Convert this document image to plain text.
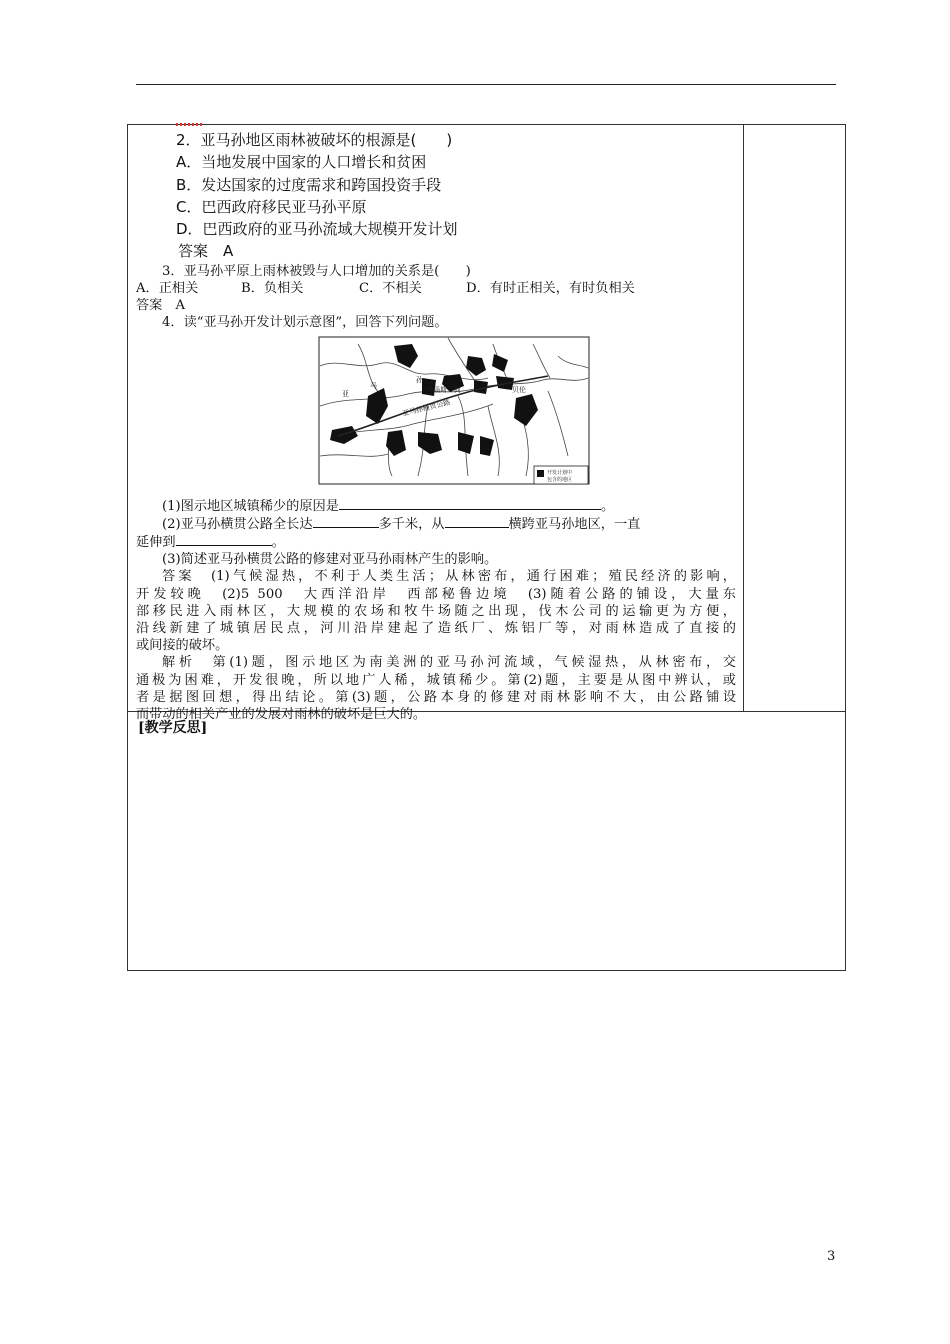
2．亚马孙地区雨林被破坏的根源是(　　)
A．当地发展中国家的人口增长和贫困
B．发达国家的过度需求和跨国投资手段
C．巴西政府移民亚马孙平原
D．巴西政府的亚马孙流域大规模开发计划
答案　A

3．亚马孙平原上雨林被毁与人口增加的关系是(　　)

A．正相关	B．负相关	C．不相关	D．有时正相关，有时负相关

答案　A

4．读“亚马孙开发计划示意图”，回答下列问题。

马
孙
马瑙斯　河	贝伦
亚
亚马孙横贯公路
开发计划中
包含的地区

(1)图示地区城镇稀少的原因是	。

(2)亚马孙横贯公路全长达	多千米，从	横跨亚马孙地区，一直

延伸到	。

(3)简述亚马孙横贯公路的修建对亚马孙雨林产生的影响。

答案　(1)气候湿热，不利于人类生活；从林密布，通行困难；殖民经济的影响，

开发较晚　(2)5 500　大西洋沿岸　西部秘鲁边境　(3)随着公路的铺设，大量东

部移民进入雨林区，大规模的农场和牧牛场随之出现，伐木公司的运输更为方便，

沿线新建了城镇居民点，河川沿岸建起了造纸厂、炼铝厂等，对雨林造成了直接的

或间接的破坏。

解析　第(1)题，图示地区为南美洲的亚马孙河流域，气候湿热，从林密布，交

通极为困难，开发很晚，所以地广人稀，城镇稀少。第(2)题，主要是从图中辨认，或

者是据图回想，得出结论。第(3)题，公路本身的修建对雨林影响不大，由公路铺设

而带动的相关产业的发展对雨林的破坏是巨大的。

[教学反思]
3
